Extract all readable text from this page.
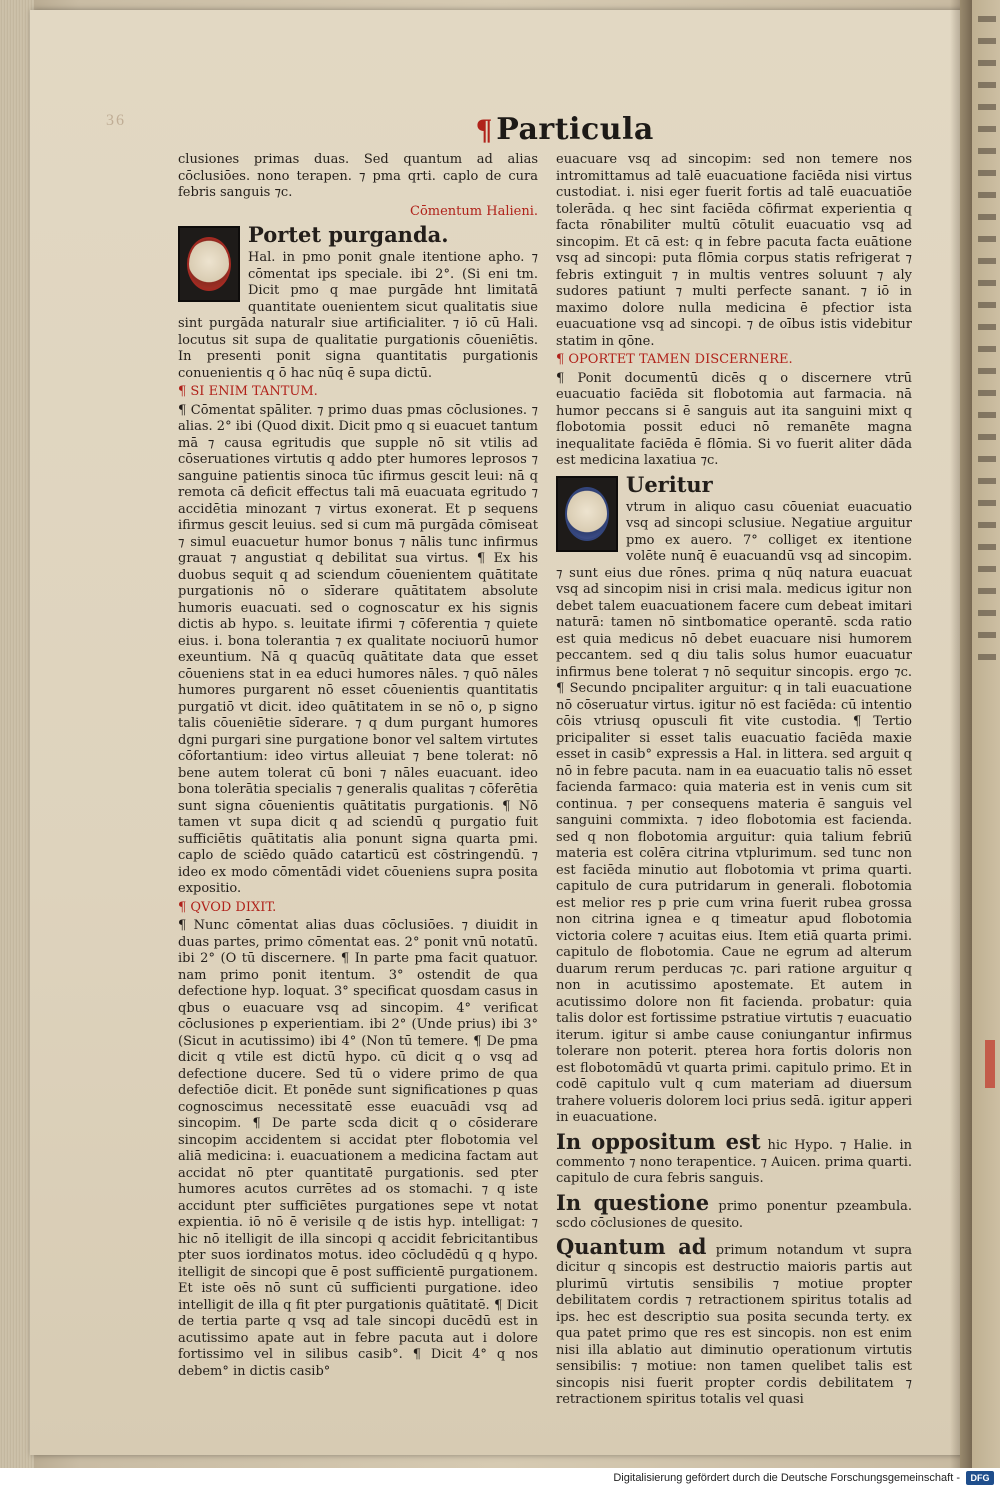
36	¶ Particula

clusiones primas duas. Sed quantum ad alias cōclusiōes. nono terapen. ⁊ pma qrti. caplo de cura febris sanguis ⁊c.

Cōmentum Halieni.

Portet purganda.

Hal. in pmo ponit gnale itentione apho. ⁊ cōmentat ips speciale. ibi 2°. (Si eni tm. Dicit pmo q mae purgāde hnt limitatā quantitate ouenientem sicut qualitatis siue sint purgāda naturalr siue artificialiter. ⁊ iō cū Hali. locutus sit supa de qualitatie purgationis cōueniētis. In presenti ponit signa quantitatis purgationis conuenientis q ō hac nūq ē supa dictū.

¶ SI ENIM TANTUM.

¶ Cōmentat spāliter. ⁊ primo duas pmas cōclusiones. ⁊ alias. 2° ibi (Quod dixit. Dicit pmo q si euacuet tantum mā ⁊ causa egritudis que supple nō sit vtilis ad cōseruationes virtutis q addo pter humores leprosos ⁊ sanguine patientis sinoca tūc ifirmus gescit leui: nā q remota cā deficit effectus tali mā euacuata egritudo ⁊ accidētia minozant ⁊ virtus exonerat. Et p sequens ifirmus gescit leuius. sed si cum mā purgāda cōmiseat ⁊ simul euacuetur humor bonus ⁊ nālis tunc infirmus grauat ⁊ angustiat q debilitat sua virtus. ¶ Ex his duobus sequit q ad sciendum cōuenientem quātitate purgationis nō o sīderare quātitatem absolute humoris euacuati. sed o cognoscatur ex his signis dictis ab hypo. s. leuitate ifirmi ⁊ cōferentia ⁊ quiete eius. i. bona tolerantia ⁊ ex qualitate nociuorū humor exeuntium. Nā q quacūq quātitate data que esset cōueniens stat in ea educi humores nāles. ⁊ quō nāles humores purgarent nō esset cōuenientis quantitatis purgatiō vt dicit. ideo quātitatem in se nō o, p signo talis cōueniētie sīderare. ⁊ q dum purgant humores dgni purgari sine purgatione bonor vel saltem virtutes cōfortantium: ideo virtus alleuiat ⁊ bene tolerat: nō bene autem tolerat cū boni ⁊ nāles euacuant. ideo bona tolerātia specialis ⁊ generalis qualitas ⁊ cōferētia sunt signa cōuenientis quātitatis purgationis. ¶ Nō tamen vt supa dicit q ad sciendū q purgatio fuit sufficiētis quātitatis alia ponunt signa quarta pmi. caplo de sciēdo quādo catarticū est cōstringendū. ⁊ ideo ex modo cōmentādi videt cōueniens supra posita expositio.

¶ QVOD DIXIT.

¶ Nunc cōmentat alias duas cōclusiōes. ⁊ diuidit in duas partes, primo cōmentat eas. 2° ponit vnū notatū. ibi 2° (O tū discernere. ¶ In parte pma facit quatuor. nam primo ponit itentum. 3° ostendit de qua defectione hyp. loquat. 3° specificat quosdam casus in qbus o euacuare vsq ad sincopim. 4° verificat cōclusiones p experientiam. ibi 2° (Unde prius) ibi 3° (Sicut in acutissimo) ibi 4° (Non tū temere. ¶ De pma dicit q vtile est dictū hypo. cū dicit q o vsq ad defectione ducere. Sed tū o videre primo de qua defectiōe dicit. Et ponēde sunt significationes p quas cognoscimus necessitatē esse euacuādi vsq ad sincopim. ¶ De parte scda dicit q o cōsiderare sincopim accidentem si accidat pter flobotomia vel aliā medicina: i. euacuationem a medicina factam aut accidat nō pter quantitatē purgationis. sed pter humores acutos currētes ad os stomachi. ⁊ q iste accidunt pter sufficiētes purgationes sepe vt notat expientia. iō nō ē verisile q de istis hyp. intelligat: ⁊ hic nō itelligit de illa sincopi q accidit febricitantibus pter suos iordinatos motus. ideo cōcludēdū q q hypo. itelligit de sincopi que ē post sufficientē purgationem. Et iste oēs nō sunt cū sufficienti purgatione. ideo intelligit de illa q fit pter purgationis quātitatē. ¶ Dicit de tertia parte q vsq ad tale sincopi ducēdū est in acutissimo apate aut in febre pacuta aut i dolore fortissimo vel in silibus casib°. ¶ Dicit 4° q nos debem° in dictis casib°

euacuare vsq ad sincopim: sed non temere nos intromittamus ad talē euacuatione faciēda nisi virtus custodiat. i. nisi eger fuerit fortis ad talē euacuatiōe tolerāda. q hec sint faciēda cōfirmat experientia q facta rōnabiliter multū cōtulit euacuatio vsq ad sincopim. Et cā est: q in febre pacuta facta euātione vsq ad sincopi: puta flōmia corpus statis refrigerat ⁊ febris extinguit ⁊ in multis ventres soluunt ⁊ aly sudores patiunt ⁊ multi perfecte sanant. ⁊ iō in maximo dolore nulla medicina ē pfectior ista euacuatione vsq ad sincopi. ⁊ de oībus istis videbitur statim in qōne.

¶ OPORTET TAMEN DISCERNERE.

¶ Ponit documentū dicēs q o discernere vtrū euacuatio faciēda sit flobotomia aut farmacia. nā humor peccans si ē sanguis aut ita sanguini mixt q flobotomia possit educi nō remanēte magna inequalitate faciēda ē flōmia. Si vo fuerit aliter dāda est medicina laxatiua ⁊c.

Ueritur

vtrum in aliquo casu cōueniat euacuatio vsq ad sincopi sclusiue. Negatiue arguitur pmo ex auero. 7° colliget ex itentione volēte nunq̄ ē euacuandū vsq ad sincopim. ⁊ sunt eius due rōnes. prima q nūq natura euacuat vsq ad sincopim nisi in crisi mala. medicus igitur non debet talem euacuationem facere cum debeat imitari naturā: tamen nō sintbomatice operantē. scda ratio est quia medicus nō debet euacuare nisi humorem peccantem. sed q diu talis solus humor euacuatur infirmus bene tolerat ⁊ nō sequitur sincopis. ergo ⁊c. ¶ Secundo pncipaliter arguitur: q in tali euacuatione nō cōseruatur virtus. igitur nō est faciēda: cū intentio cōis vtriusq opusculi fit vite custodia. ¶ Tertio pricipaliter si esset talis euacuatio faciēda maxie esset in casib° expressis a Hal. in littera. sed arguit q nō in febre pacuta. nam in ea euacuatio talis nō esset facienda farmaco: quia materia est in venis cum sit continua. ⁊ per consequens materia ē sanguis vel sanguini commixta. ⁊ ideo flobotomia est facienda. sed q non flobotomia arguitur: quia talium febriū materia est colēra citrina vtplurimum. sed tunc non est faciēda minutio aut flobotomia vt prima quarti. capitulo de cura putridarum in generali. flobotomia est melior res p prie cum vrina fuerit rubea grossa non citrina ignea e q timeatur apud flobotomia victoria colere ⁊ acuitas eius. Item etiā quarta primi. capitulo de flobotomia. Caue ne egrum ad alterum duarum rerum perducas ⁊c. pari ratione arguitur q non in acutissimo apostemate. Et autem in acutissimo dolore non fit facienda. probatur: quia talis dolor est fortissime pstratiue virtutis ⁊ euacuatio iterum. igitur si ambe cause coniungantur infirmus tolerare non poterit. pterea hora fortis doloris non est flobotomādū vt quarta primi. capitulo primo. Et in codē capitulo vult q cum materiam ad diuersum trahere volueris dolorem loci prius sedā. igitur apperi in euacuatione.

In oppositum est hic Hypo. ⁊ Halie. in commento ⁊ nono terapentice. ⁊ Auicen. prima quarti. capitulo de cura febris sanguis.

In questione primo ponentur pzeambula. scdo cōclusiones de quesito.

Quantum ad primum notandum vt supra dicitur q sincopis est destructio maioris partis aut plurimū virtutis sensibilis ⁊ motiue propter debilitatem cordis ⁊ retractionem spiritus totalis ad ips. hec est descriptio sua posita secunda terty. ex qua patet primo que res est sincopis. non est enim nisi illa ablatio aut diminutio operationum virtutis sensibilis: ⁊ motiue: non tamen quelibet talis est sincopis nisi fuerit propter cordis debilitatem ⁊ retractionem spiritus totalis vel quasi

Digitalisierung gefördert durch die Deutsche Forschungsgemeinschaft -	DFG
